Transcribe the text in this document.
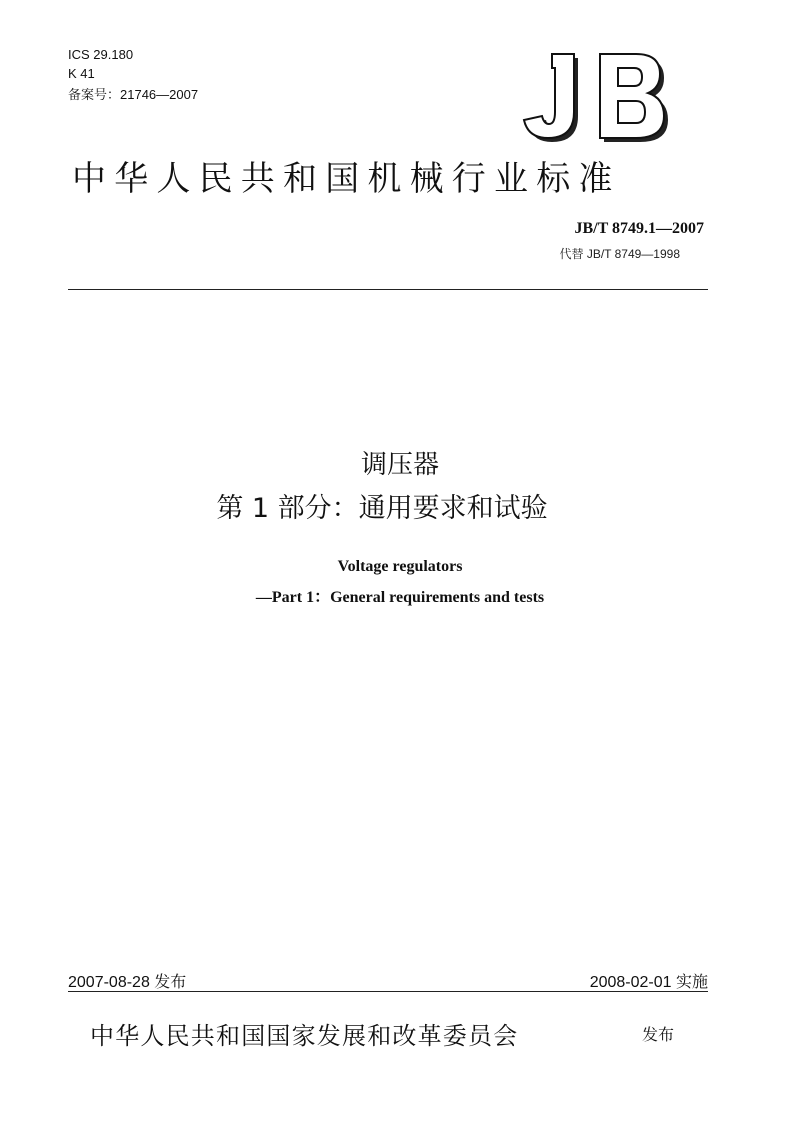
ICS 29.180
K 41
备案号：21746—2007
中华人民共和国机械行业标准
JB/T 8749.1—2007
代替 JB/T 8749—1998
调压器
第 1 部分：通用要求和试验
Voltage regulators
—Part 1：General requirements and tests
2007-08-28 发布	2008-02-01 实施
中华人民共和国国家发展和改革委员会	发布
